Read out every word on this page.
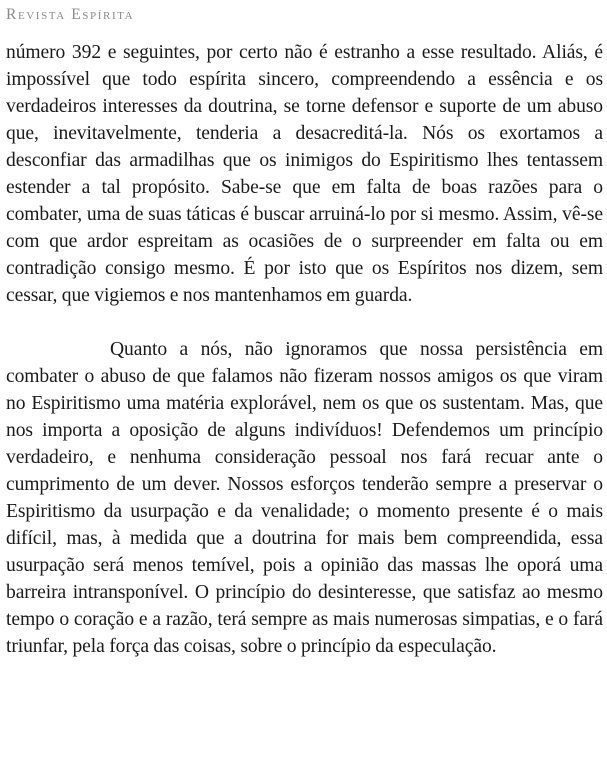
Revista Espírita

número 392 e seguintes, por certo não é estranho a esse resultado. Aliás, é impossível que todo espírita sincero, compreendendo a essência e os verdadeiros interesses da doutrina, se torne defensor e suporte de um abuso que, inevitavelmente, tenderia a desacreditá-la. Nós os exortamos a desconfiar das armadilhas que os inimigos do Espiritismo lhes tentassem estender a tal propósito. Sabe-se que em falta de boas razões para o combater, uma de suas táticas é buscar arruiná-lo por si mesmo. Assim, vê-se com que ardor espreitam as ocasiões de o surpreender em falta ou em contradição consigo mesmo. É por isto que os Espíritos nos dizem, sem cessar, que vigiemos e nos mantenhamos em guarda.

Quanto a nós, não ignoramos que nossa persistência em combater o abuso de que falamos não fizeram nossos amigos os que viram no Espiritismo uma matéria explorável, nem os que os sustentam. Mas, que nos importa a oposição de alguns indivíduos! Defendemos um princípio verdadeiro, e nenhuma consideração pessoal nos fará recuar ante o cumprimento de um dever. Nossos esforços tenderão sempre a preservar o Espiritismo da usurpação e da venalidade; o momento presente é o mais difícil, mas, à medida que a doutrina for mais bem compreendida, essa usurpação será menos temível, pois a opinião das massas lhe oporá uma barreira intransponível. O princípio do desinteresse, que satisfaz ao mesmo tempo o coração e a razão, terá sempre as mais numerosas simpatias, e o fará triunfar, pela força das coisas, sobre o princípio da especulação.
